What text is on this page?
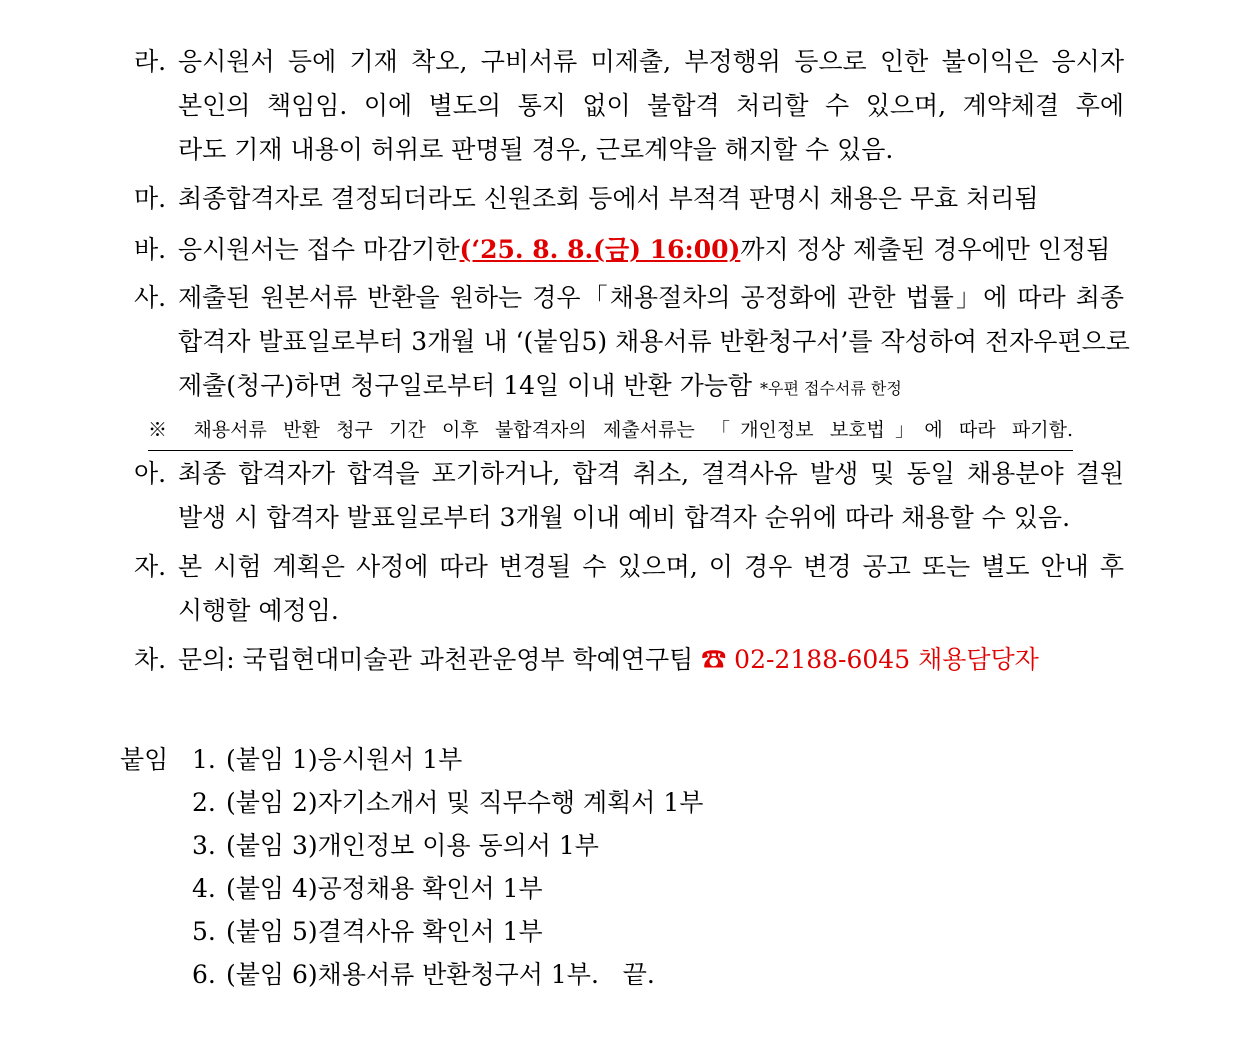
라. 응시원서 등에 기재 착오, 구비서류 미제출, 부정행위 등으로 인한 불이익은 응시자
본인의 책임임. 이에 별도의 통지 없이 불합격 처리할 수 있으며, 계약체결 후에
라도 기재 내용이 허위로 판명될 경우, 근로계약을 해지할 수 있음.
마. 최종합격자로 결정되더라도 신원조회 등에서 부적격 판명시 채용은 무효 처리됨
바. 응시원서는 접수 마감기한(‘25. 8. 8.(금) 16:00)까지 정상 제출된 경우에만 인정됨
사. 제출된 원본서류 반환을 원하는 경우「채용절차의 공정화에 관한 법률」에 따라 최종
합격자 발표일로부터 3개월 내 ‘(붙임5) 채용서류 반환청구서’를 작성하여 전자우편으로
제출(청구)하면 청구일로부터 14일 이내 반환 가능함 *우편 접수서류 한정
※ 채용서류 반환 청구 기간 이후 불합격자의 제출서류는 「개인정보 보호법」에 따라 파기함.
아. 최종 합격자가 합격을 포기하거나, 합격 취소, 결격사유 발생 및 동일 채용분야 결원
발생 시 합격자 발표일로부터 3개월 이내 예비 합격자 순위에 따라 채용할 수 있음.
자. 본 시험 계획은 사정에 따라 변경될 수 있으며, 이 경우 변경 공고 또는 별도 안내 후
시행할 예정임.
차. 문의: 국립현대미술관 과천관운영부 학예연구팀 ☎ 02-2188-6045 채용담당자
붙임 1. (붙임 1)응시원서 1부
2. (붙임 2)자기소개서 및 직무수행 계획서 1부
3. (붙임 3)개인정보 이용 동의서 1부
4. (붙임 4)공정채용 확인서 1부
5. (붙임 5)결격사유 확인서 1부
6. (붙임 6)채용서류 반환청구서 1부.   끝.
